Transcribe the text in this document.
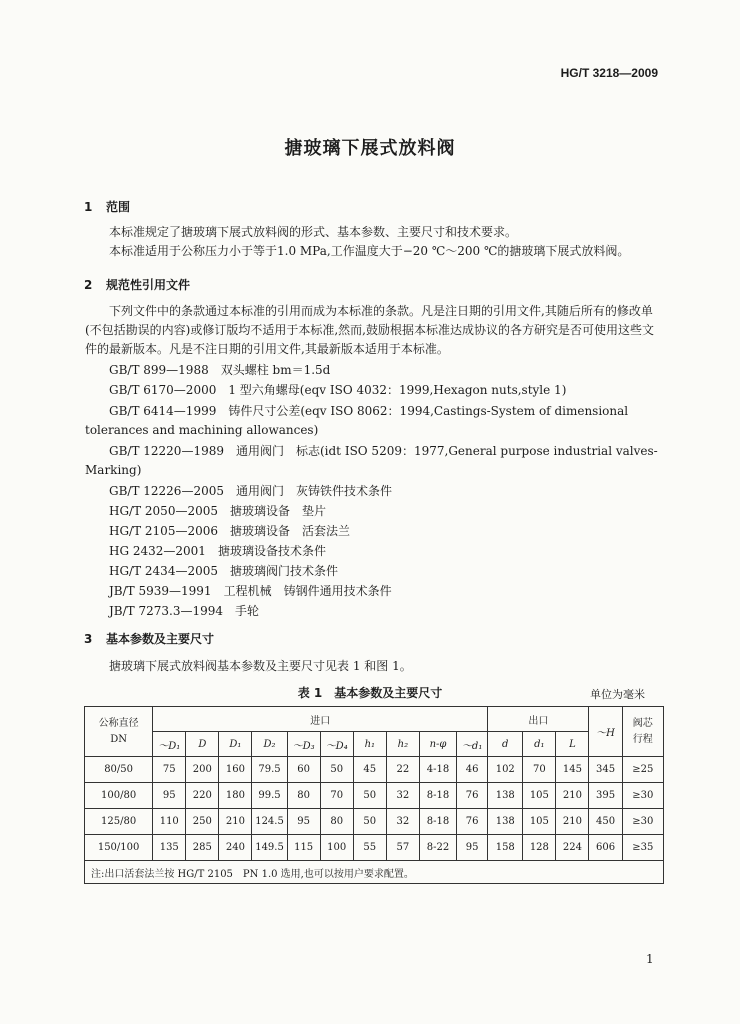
HG/T 3218—2009
搪玻璃下展式放料阀
1 范围
本标准规定了搪玻璃下展式放料阀的形式、基本参数、主要尺寸和技术要求。
本标准适用于公称压力小于等于1.0 MPa,工作温度大于−20 ℃～200 ℃的搪玻璃下展式放料阀。
2 规范性引用文件
下列文件中的条款通过本标准的引用而成为本标准的条款。凡是注日期的引用文件,其随后所有的修改单(不包括勘误的内容)或修订版均不适用于本标准,然而,鼓励根据本标准达成协议的各方研究是否可使用这些文件的最新版本。凡是不注日期的引用文件,其最新版本适用于本标准。
GB/T 899—1988 双头螺柱 bm＝1.5d
GB/T 6170—2000 1 型六角螺母(eqv ISO 4032：1999,Hexagon nuts,style 1)
GB/T 6414—1999 铸件尺寸公差(eqv ISO 8062：1994,Castings-System of dimensional tolerances and machining allowances)
GB/T 12220—1989 通用阀门　标志(idt ISO 5209：1977,General purpose industrial valves-Marking)
GB/T 12226—2005 通用阀门　灰铸铁件技术条件
HG/T 2050—2005 搪玻璃设备　垫片
HG/T 2105—2006 搪玻璃设备　活套法兰
HG 2432—2001 搪玻璃设备技术条件
HG/T 2434—2005 搪玻璃阀门技术条件
JB/T 5939—1991 工程机械　铸钢件通用技术条件
JB/T 7273.3—1994 手轮
3 基本参数及主要尺寸
搪玻璃下展式放料阀基本参数及主要尺寸见表 1 和图 1。
表 1　基本参数及主要尺寸	单位为毫米
公称直径
DN	进口										出口			～H	阀芯
行程
	～D₁	D	D₁	D₂	～D₃	～D₄	h₁	h₂	n-φ	～d₁	d	d₁	L		
80/50	75	200	160	79.5	60	50	45	22	4-18	46	102	70	145	345	≥25
100/80	95	220	180	99.5	80	70	50	32	8-18	76	138	105	210	395	≥30
125/80	110	250	210	124.5	95	80	50	32	8-18	76	138	105	210	450	≥30
150/100	135	285	240	149.5	115	100	55	57	8-22	95	158	128	224	606	≥35
注:出口活套法兰按 HG/T 2105　PN 1.0 选用,也可以按用户要求配置。															
1
